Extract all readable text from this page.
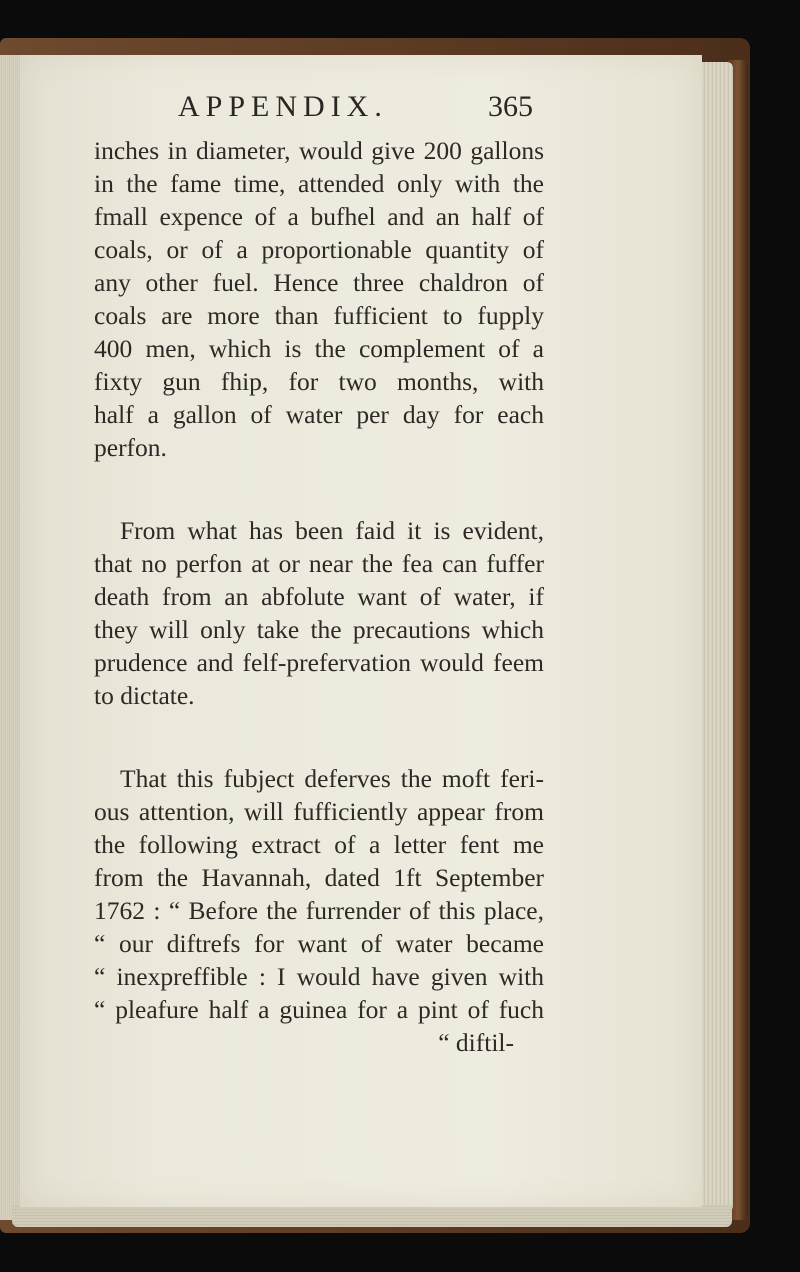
APPENDIX.	365
inches in diameter, would give 200 gallons
in the fame time, attended only with the
fmall expence of a bufhel and an half of
coals, or of a proportionable quantity of
any other fuel. Hence three chaldron of
coals are more than fufficient to fupply
400 men, which is the complement of a
fixty gun fhip, for two months, with
half a gallon of water per day for each
perfon.
From what has been faid it is evident,
that no perfon at or near the fea can fuffer
death from an abfolute want of water, if
they will only take the precautions which
prudence and felf-prefervation would feem
to dictate.
That this fubject deferves the moft feri-
ous attention, will fufficiently appear from
the following extract of a letter fent me
from the Havannah, dated 1ft September
1762 : “ Before the furrender of this place,
“ our diftrefs for want of water became
“ inexpreffible : I would have given with
“ pleafure half a guinea for a pint of fuch
“ diftil-
